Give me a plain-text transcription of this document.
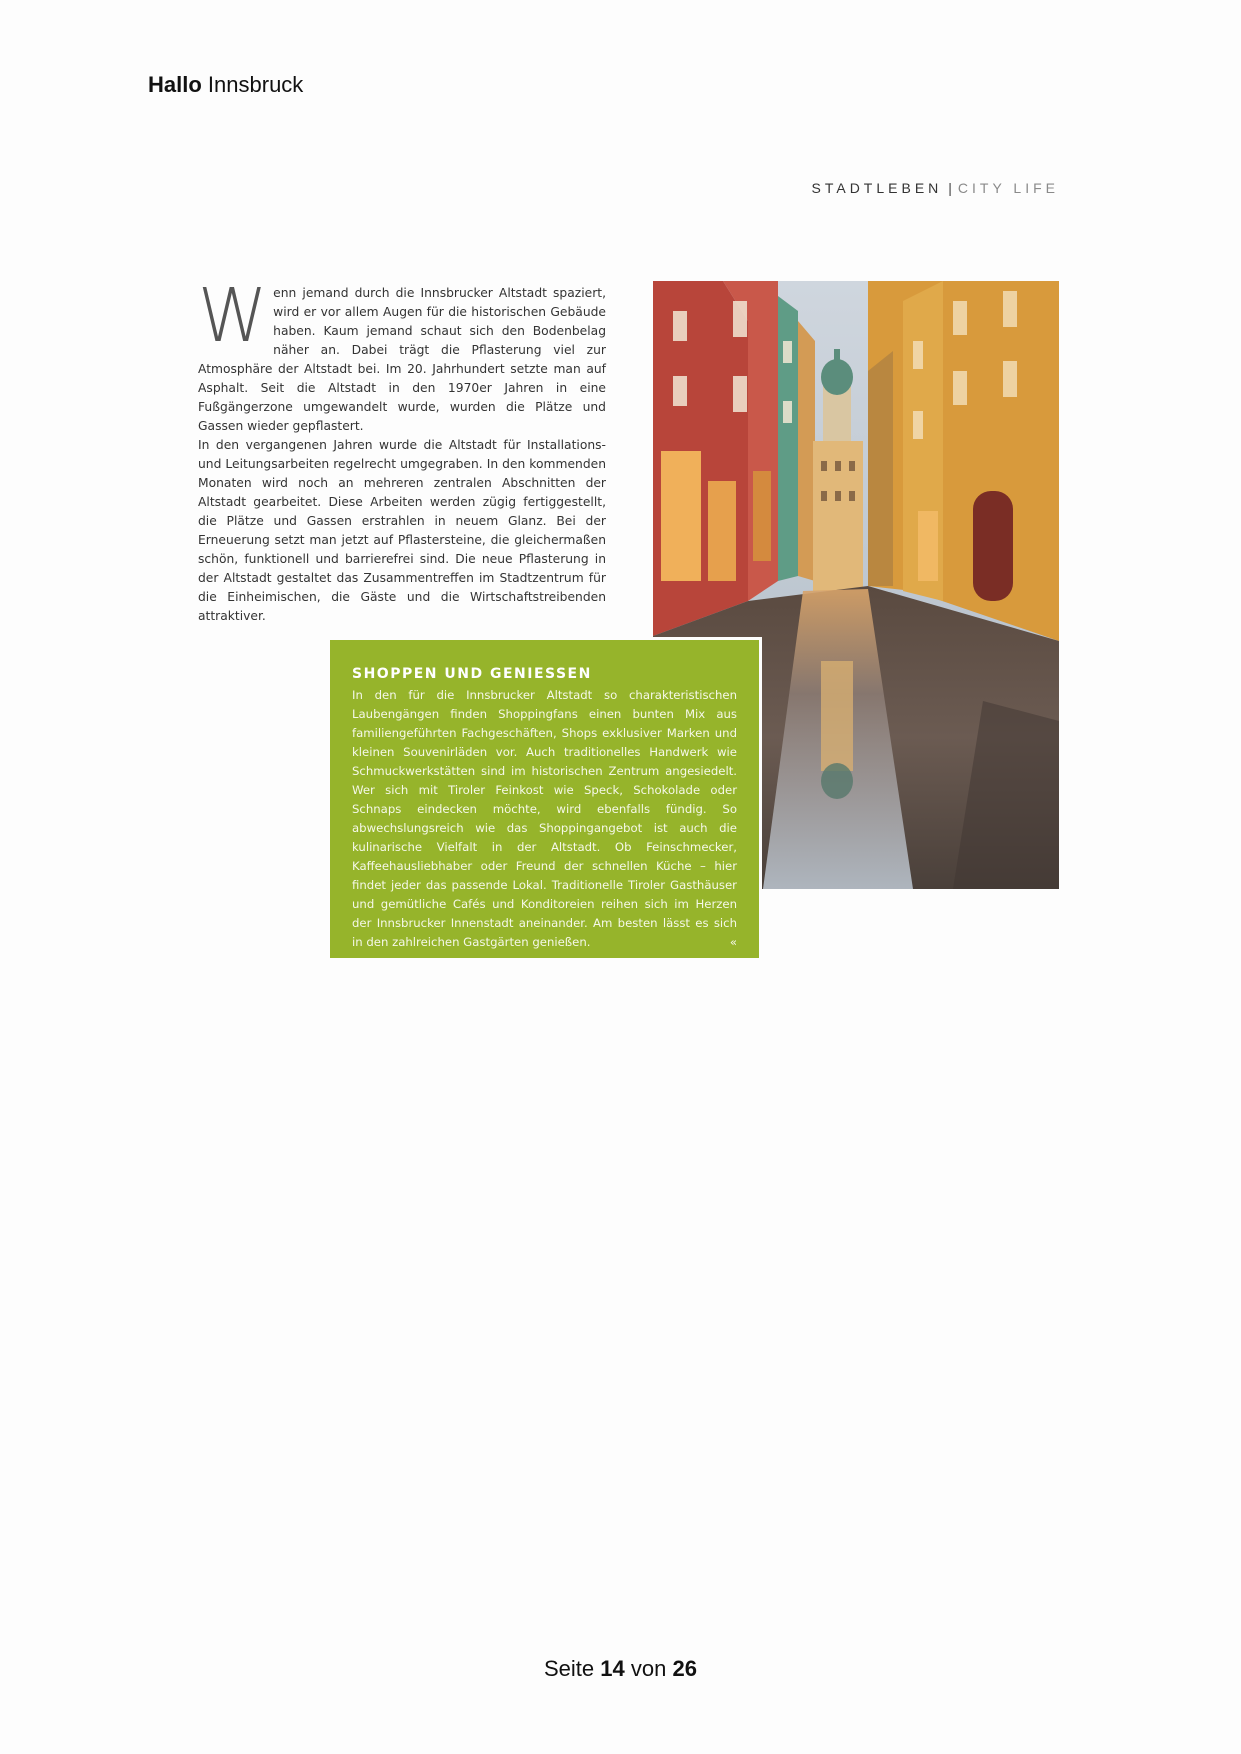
Hallo Innsbruck
STADTLEBEN | CITY LIFE
W enn jemand durch die Innsbrucker Altstadt spaziert, wird er vor allem Augen für die historischen Gebäude haben. Kaum jemand schaut sich den Bodenbelag näher an. Dabei trägt die Pflasterung viel zur Atmosphäre der Altstadt bei. Im 20. Jahrhundert setzte man auf Asphalt. Seit die Altstadt in den 1970er Jahren in eine Fußgängerzone umgewandelt wurde, wurden die Plätze und Gassen wieder gepflastert.

In den vergangenen Jahren wurde die Altstadt für Installations- und Leitungsarbeiten regelrecht umgegraben. In den kommenden Monaten wird noch an mehreren zentralen Abschnitten der Altstadt gearbeitet. Diese Arbeiten werden zügig fertiggestellt, die Plätze und Gassen erstrahlen in neuem Glanz. Bei der Erneuerung setzt man jetzt auf Pflastersteine, die gleichermaßen schön, funktionell und barrierefrei sind. Die neue Pflasterung in der Altstadt gestaltet das Zusammentreffen im Stadtzentrum für die Einheimischen, die Gäste und die Wirtschaftstreibenden attraktiver.

SHOPPEN UND GENIESSEN

In den für die Innsbrucker Altstadt so charakteristischen Laubengängen finden Shoppingfans einen bunten Mix aus familiengeführten Fachgeschäften, Shops exklusiver Marken und kleinen Souvenirläden vor. Auch traditionelles Handwerk wie Schmuckwerkstätten sind im historischen Zentrum angesiedelt. Wer sich mit Tiroler Feinkost wie Speck, Schokolade oder Schnaps eindecken möchte, wird ebenfalls fündig. So abwechslungsreich wie das Shoppingangebot ist auch die kulinarische Vielfalt in der Altstadt. Ob Feinschmecker, Kaffeehausliebhaber oder Freund der schnellen Küche – hier findet jeder das passende Lokal. Traditionelle Tiroler Gasthäuser und gemütliche Cafés und Konditoreien reihen sich im Herzen der Innsbrucker Innenstadt aneinander. Am besten lässt es sich in den zahlreichen Gastgärten genießen.	«

Seite 14 von 26
